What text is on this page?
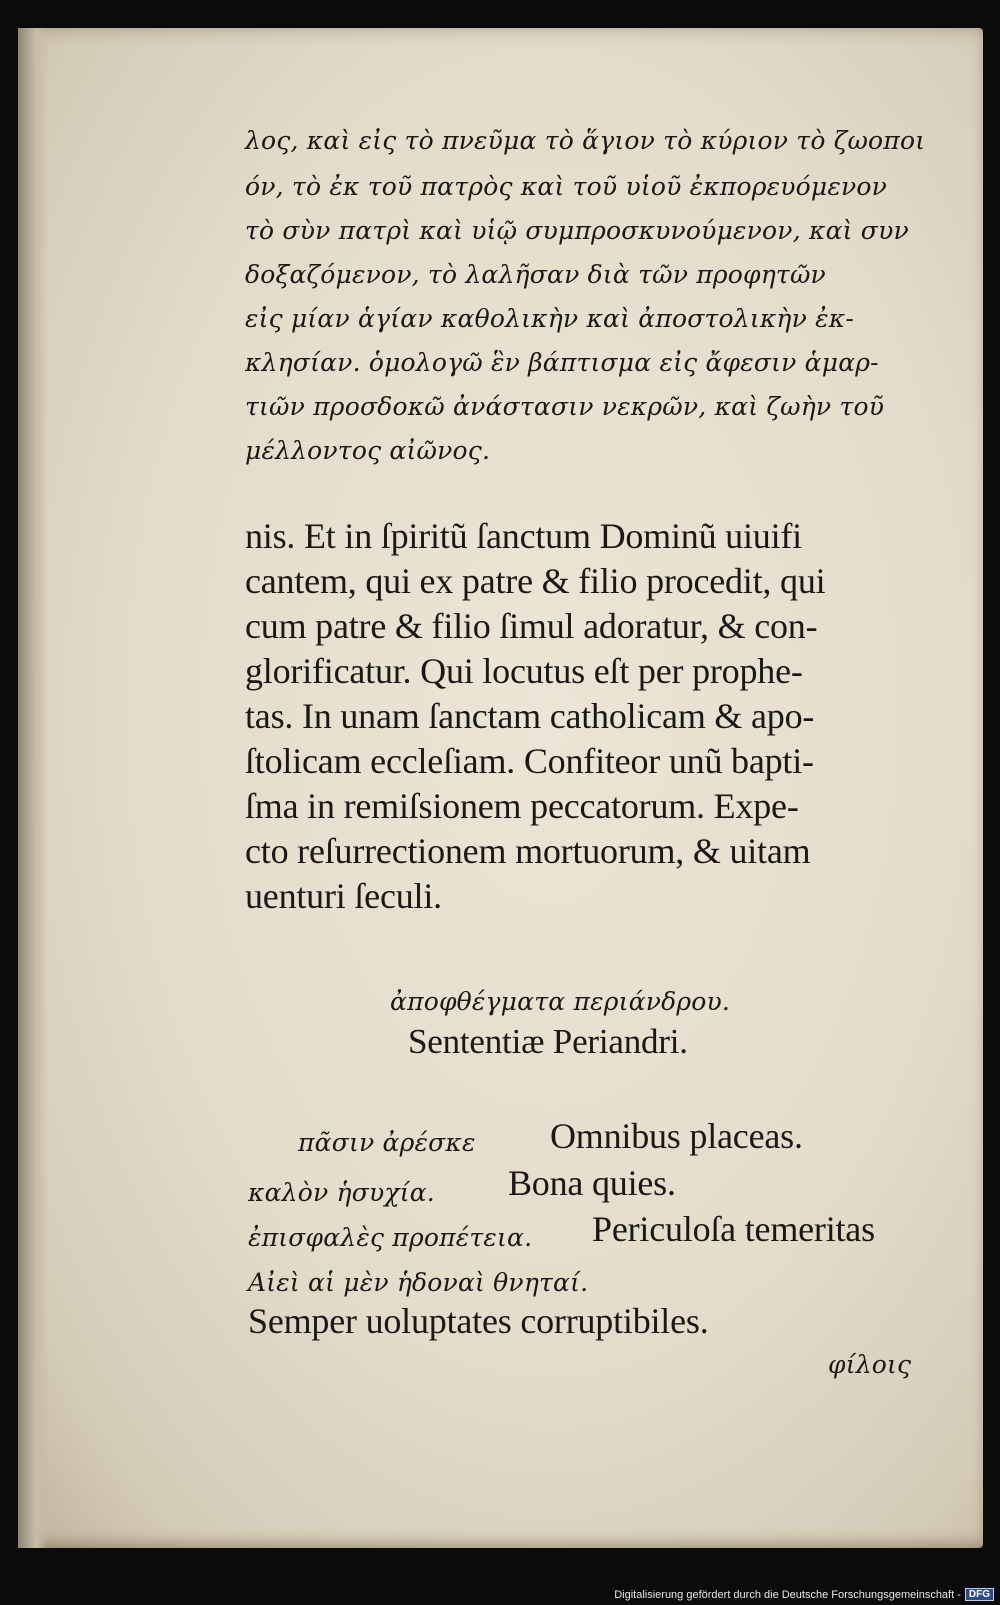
λος, καὶ εἰς τὸ πνεῦμα τὸ ἅγιον τὸ κύριον τὸ ζωοποι
όν, τὸ ἐκ τοῦ πατρὸς καὶ τοῦ υἱοῦ ἐκπορευόμενον
τὸ σὺν πατρὶ καὶ υἱῷ συμπροσκυνούμενον, καὶ συν
δοξαζόμενον, τὸ λαλῆσαν διὰ τῶν προφητῶν
εἰς μίαν ἁγίαν καθολικὴν καὶ ἀποστολικὴν ἐκ-
κλησίαν. ὁμολογῶ ἓν βάπτισμα εἰς ἄφεσιν ἁμαρ-
τιῶν προσδοκῶ ἀνάστασιν νεκρῶν, καὶ ζωὴν τοῦ
μέλλοντος αἰῶνος.
nis. Et in ſpiritũ ſanctum Dominũ uiuifi
cantem, qui ex patre & filio procedit, qui
cum patre & filio ſimul adoratur, & con-
glorificatur. Qui locutus eſt per prophe-
tas. In unam ſanctam catholicam & apo-
ſtolicam eccleſiam. Confiteor unũ bapti-
ſma in remiſsionem peccatorum. Expe-
cto reſurrectionem mortuorum, & uitam
uenturi ſeculi.
ἀποφθέγματα περιάνδρου.
Sententiæ Periandri.
πᾶσιν ἀρέσκε Omnibus placeas.
καλὸν ἡσυχία. Bona quies.
ἐπισφαλὲς προπέτεια. Periculoſa temeritas
Αἰεὶ αἱ μὲν ἡδοναὶ θνηταί.
Semper uoluptates corruptibiles.
φίλοις
Digitalisierung gefördert durch die Deutsche Forschungsgemeinschaft - DFG
